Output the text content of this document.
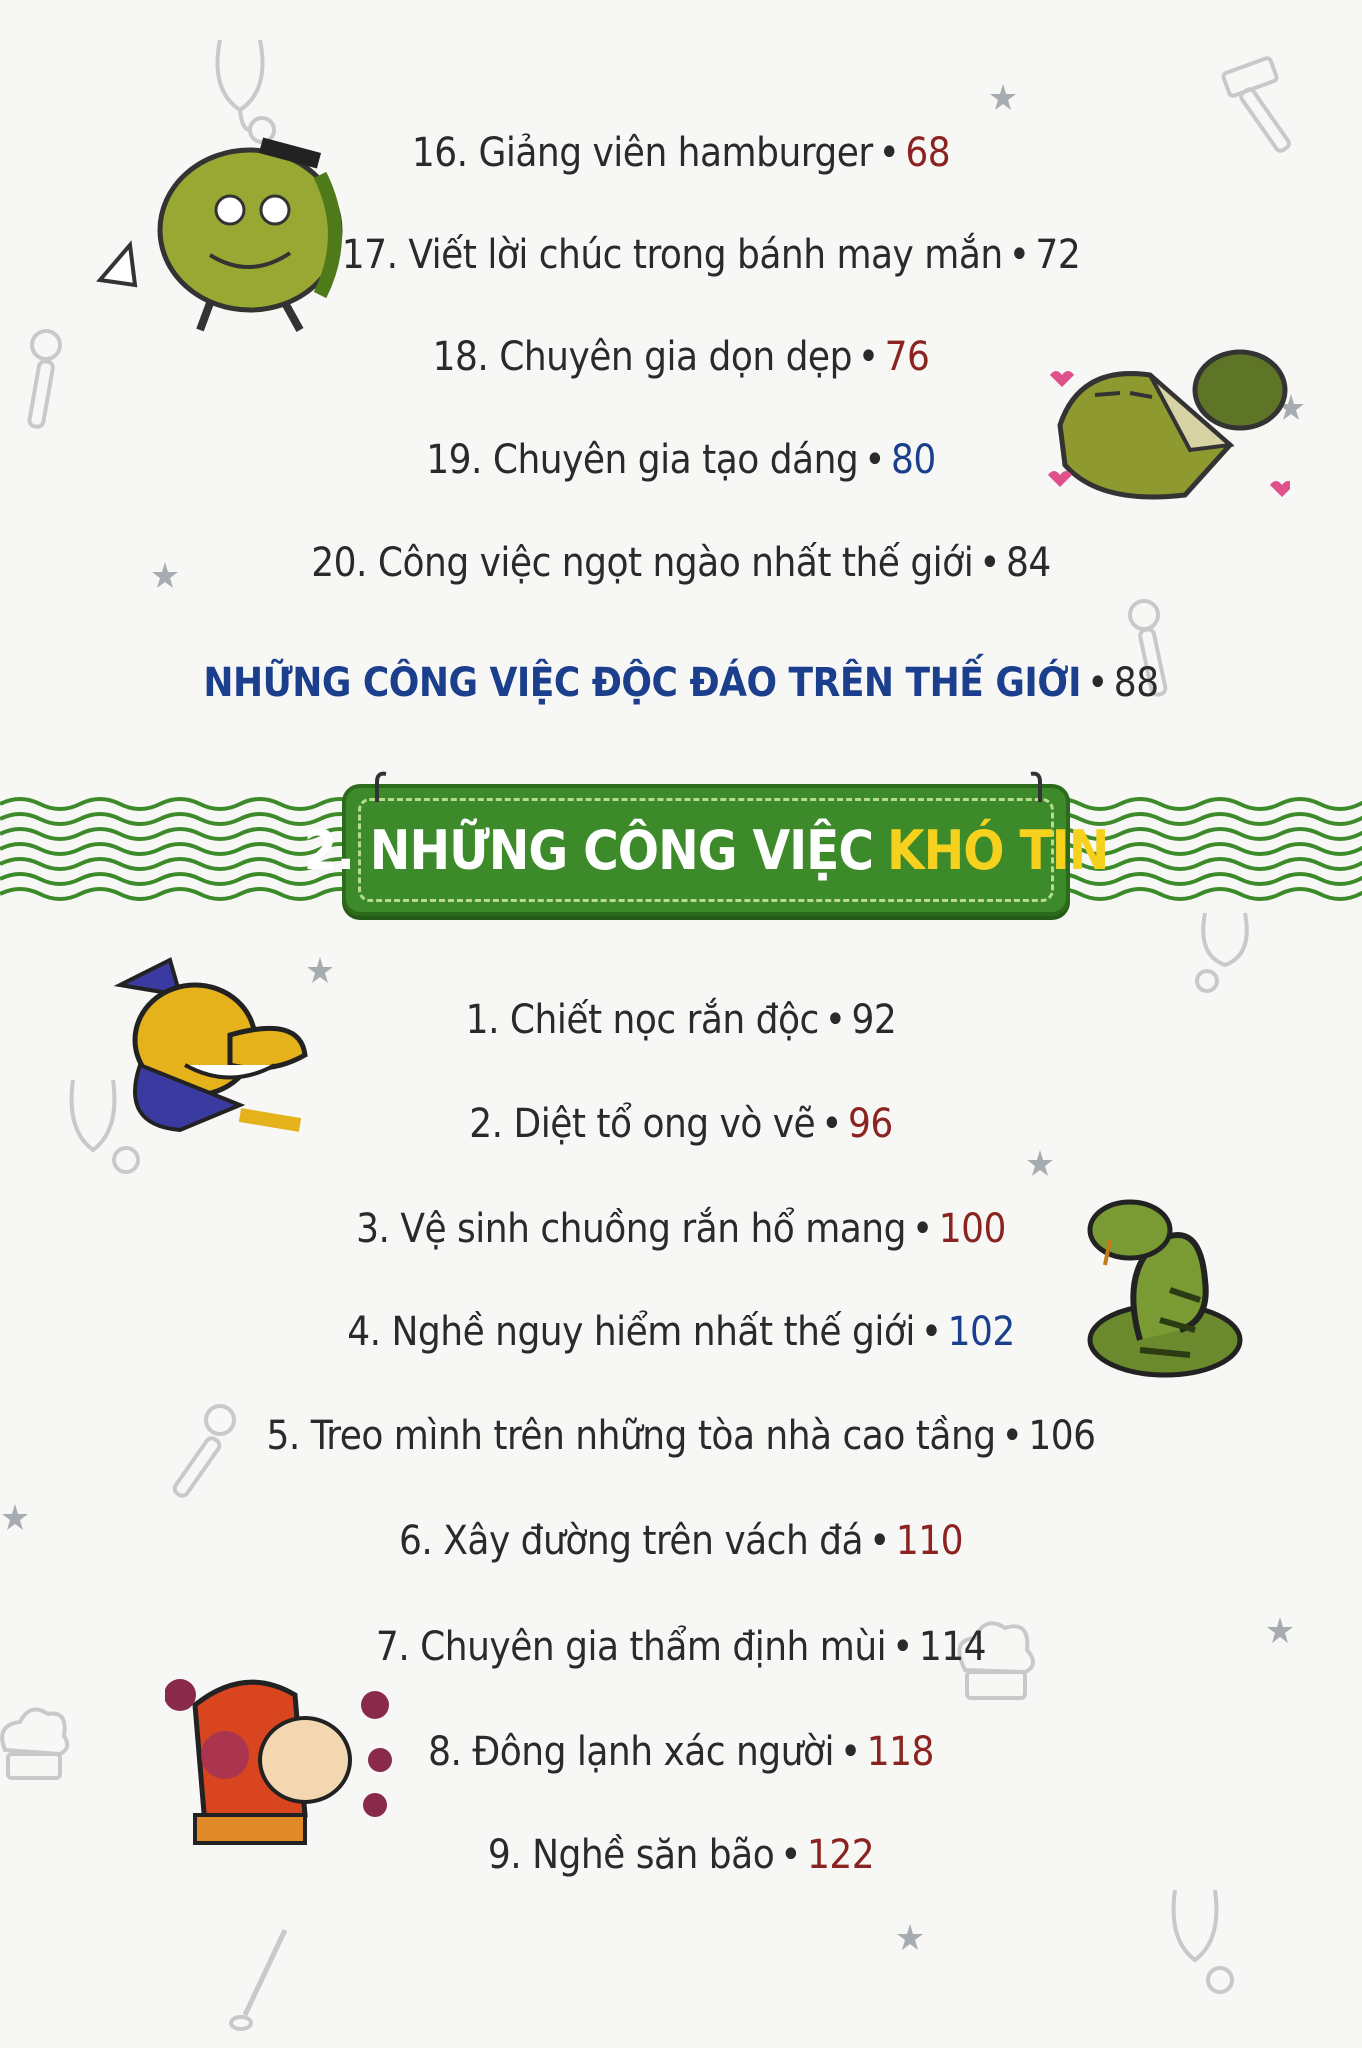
16. Giảng viên hamburger • 68
17. Viết lời chúc trong bánh may mắn • 72
18. Chuyên gia dọn dẹp • 76
19. Chuyên gia tạo dáng • 80
20. Công việc ngọt ngào nhất thế giới • 84
NHỮNG CÔNG VIỆC ĐỘC ĐÁO TRÊN THẾ GIỚI • 88
2. NHỮNG CÔNG VIỆC KHÓ TIN
1. Chiết nọc rắn độc • 92
2. Diệt tổ ong vò vẽ • 96
3. Vệ sinh chuồng rắn hổ mang • 100
4. Nghề nguy hiểm nhất thế giới • 102
5. Treo mình trên những tòa nhà cao tầng • 106
6. Xây đường trên vách đá • 110
7. Chuyên gia thẩm định mùi • 114
8. Đông lạnh xác người • 118
9. Nghề săn bão • 122
